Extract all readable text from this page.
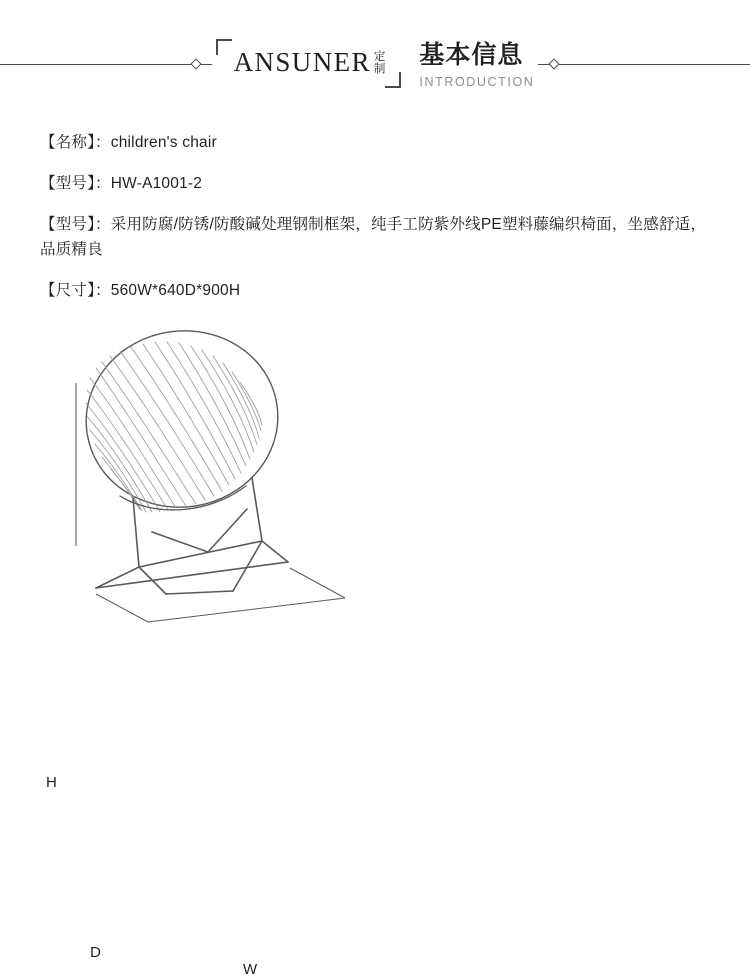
ANSUNER 定
制 基本信息
INTRODUCTION
【名称】：children's chair
【型号】：HW-A1001-2
【型号】：采用防腐/防锈/防酸碱处理钢制框架，纯手工防紫外线PE塑料藤编织椅面，坐感舒适，品质精良
【尺寸】：560W*640D*900H
H
D
W
